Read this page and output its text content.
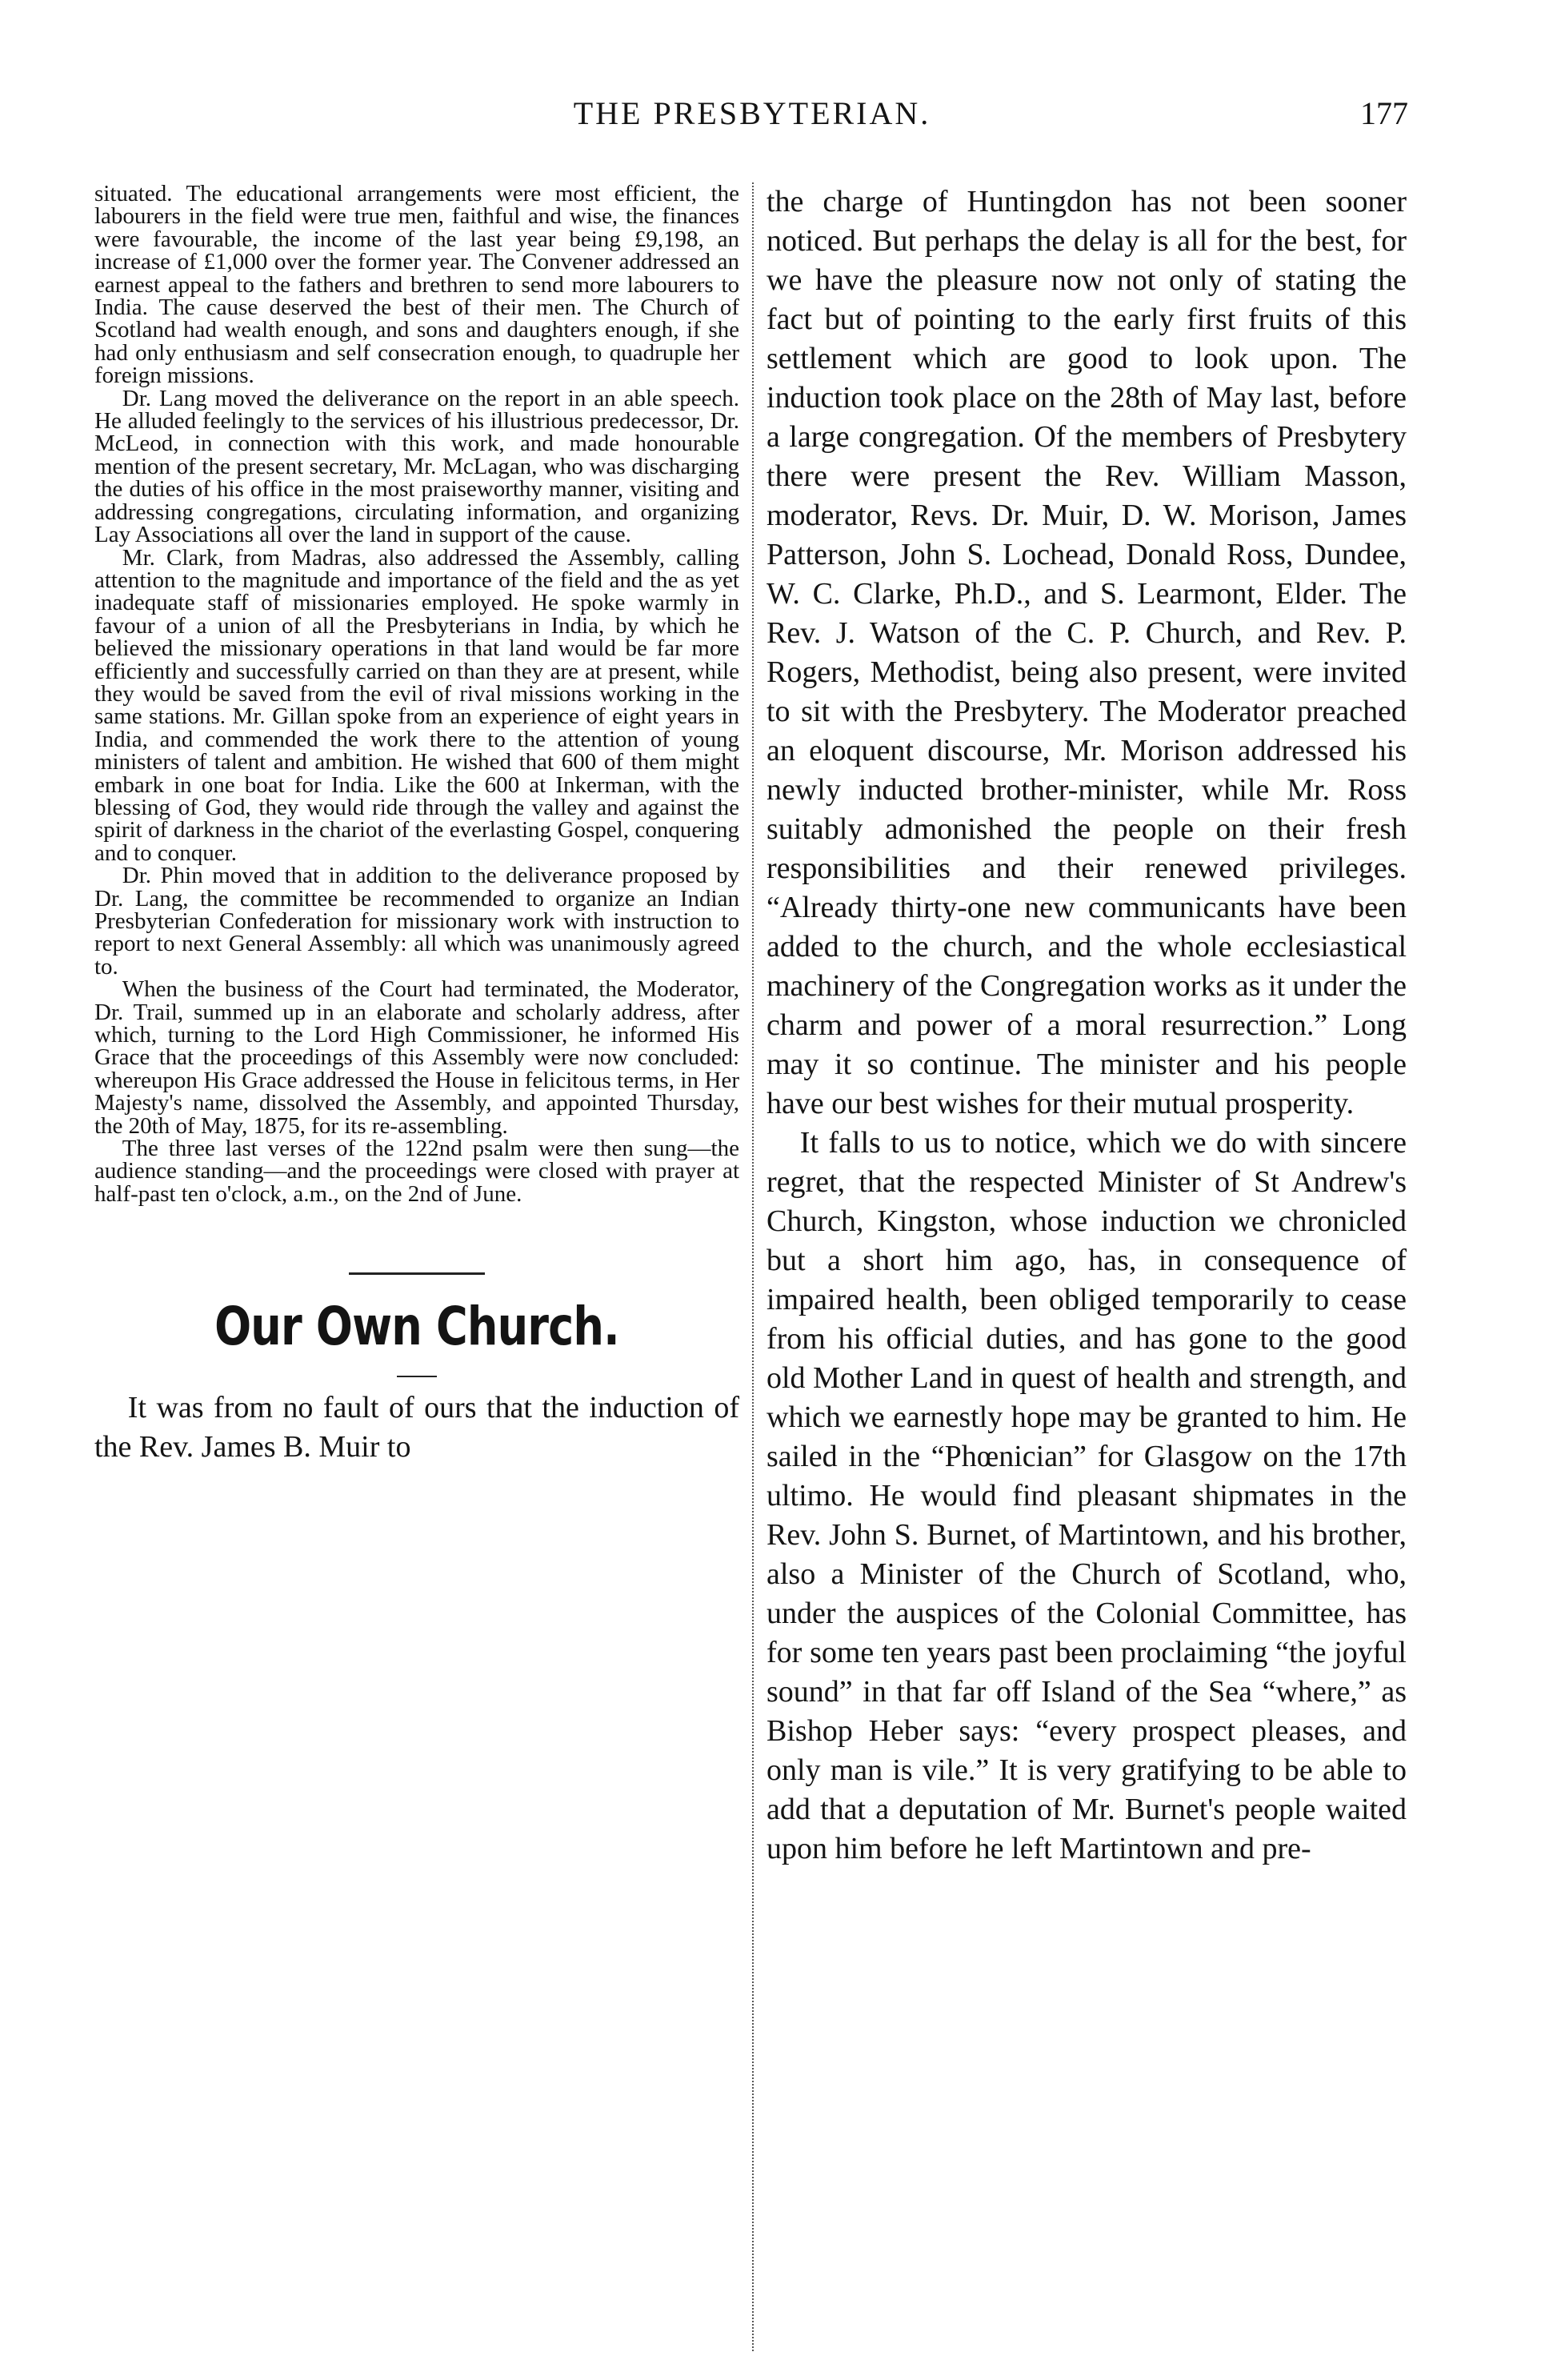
THE PRESBYTERIAN.	177

situated. The educational arrangements were most efficient, the labourers in the field were true men, faithful and wise, the finances were favourable, the income of the last year being £9,198, an increase of £1,000 over the former year. The Convener addressed an earnest appeal to the fathers and brethren to send more labourers to India. The cause deserved the best of their men. The Church of Scotland had wealth enough, and sons and daughters enough, if she had only enthusiasm and self consecration enough, to quadruple her foreign missions.

Dr. Lang moved the deliverance on the report in an able speech. He alluded feelingly to the services of his illustrious predecessor, Dr. McLeod, in connection with this work, and made honourable mention of the present secretary, Mr. McLagan, who was discharging the duties of his office in the most praiseworthy manner, visiting and addressing congregations, circulating information, and organizing Lay Associations all over the land in support of the cause.

Mr. Clark, from Madras, also addressed the Assembly, calling attention to the magnitude and importance of the field and the as yet inadequate staff of missionaries employed. He spoke warmly in favour of a union of all the Presbyterians in India, by which he believed the missionary operations in that land would be far more efficiently and successfully carried on than they are at present, while they would be saved from the evil of rival missions working in the same stations. Mr. Gillan spoke from an experience of eight years in India, and commended the work there to the attention of young ministers of talent and ambition. He wished that 600 of them might embark in one boat for India. Like the 600 at Inkerman, with the blessing of God, they would ride through the valley and against the spirit of darkness in the chariot of the everlasting Gospel, conquering and to conquer.

Dr. Phin moved that in addition to the deliverance proposed by Dr. Lang, the committee be recommended to organize an Indian Presbyterian Confederation for missionary work with instruction to report to next General Assembly: all which was unanimously agreed to.

When the business of the Court had terminated, the Moderator, Dr. Trail, summed up in an elaborate and scholarly address, after which, turning to the Lord High Commissioner, he informed His Grace that the proceedings of this Assembly were now concluded: whereupon His Grace addressed the House in felicitous terms, in Her Majesty's name, dissolved the Assembly, and appointed Thursday, the 20th of May, 1875, for its re-assembling.

The three last verses of the 122nd psalm were then sung—the audience standing—and the proceedings were closed with prayer at half-past ten o'clock, a.m., on the 2nd of June.

Our Own Church.

It was from no fault of ours that the induction of the Rev. James B. Muir to

the charge of Huntingdon has not been sooner noticed. But perhaps the delay is all for the best, for we have the pleasure now not only of stating the fact but of pointing to the early first fruits of this settlement which are good to look upon. The induction took place on the 28th of May last, before a large congregation. Of the members of Presbytery there were present the Rev. William Masson, moderator, Revs. Dr. Muir, D. W. Morison, James Patterson, John S. Lochead, Donald Ross, Dundee, W. C. Clarke, Ph.D., and S. Learmont, Elder. The Rev. J. Watson of the C. P. Church, and Rev. P. Rogers, Methodist, being also present, were invited to sit with the Presbytery. The Moderator preached an eloquent discourse, Mr. Morison addressed his newly inducted brother-minister, while Mr. Ross suitably admonished the people on their fresh responsibilities and their renewed privileges. “Already thirty-one new communicants have been added to the church, and the whole ecclesiastical machinery of the Congregation works as it under the charm and power of a moral resurrection.” Long may it so continue. The minister and his people have our best wishes for their mutual prosperity.

It falls to us to notice, which we do with sincere regret, that the respected Minister of St Andrew's Church, Kingston, whose induction we chronicled but a short him ago, has, in consequence of impaired health, been obliged temporarily to cease from his official duties, and has gone to the good old Mother Land in quest of health and strength, and which we earnestly hope may be granted to him. He sailed in the “Phœnician” for Glasgow on the 17th ultimo. He would find pleasant shipmates in the Rev. John S. Burnet, of Martintown, and his brother, also a Minister of the Church of Scotland, who, under the auspices of the Colonial Committee, has for some ten years past been proclaiming “the joyful sound” in that far off Island of the Sea “where,” as Bishop Heber says: “every prospect pleases, and only man is vile.” It is very gratifying to be able to add that a deputation of Mr. Burnet's people waited upon him before he left Martintown and pre-
